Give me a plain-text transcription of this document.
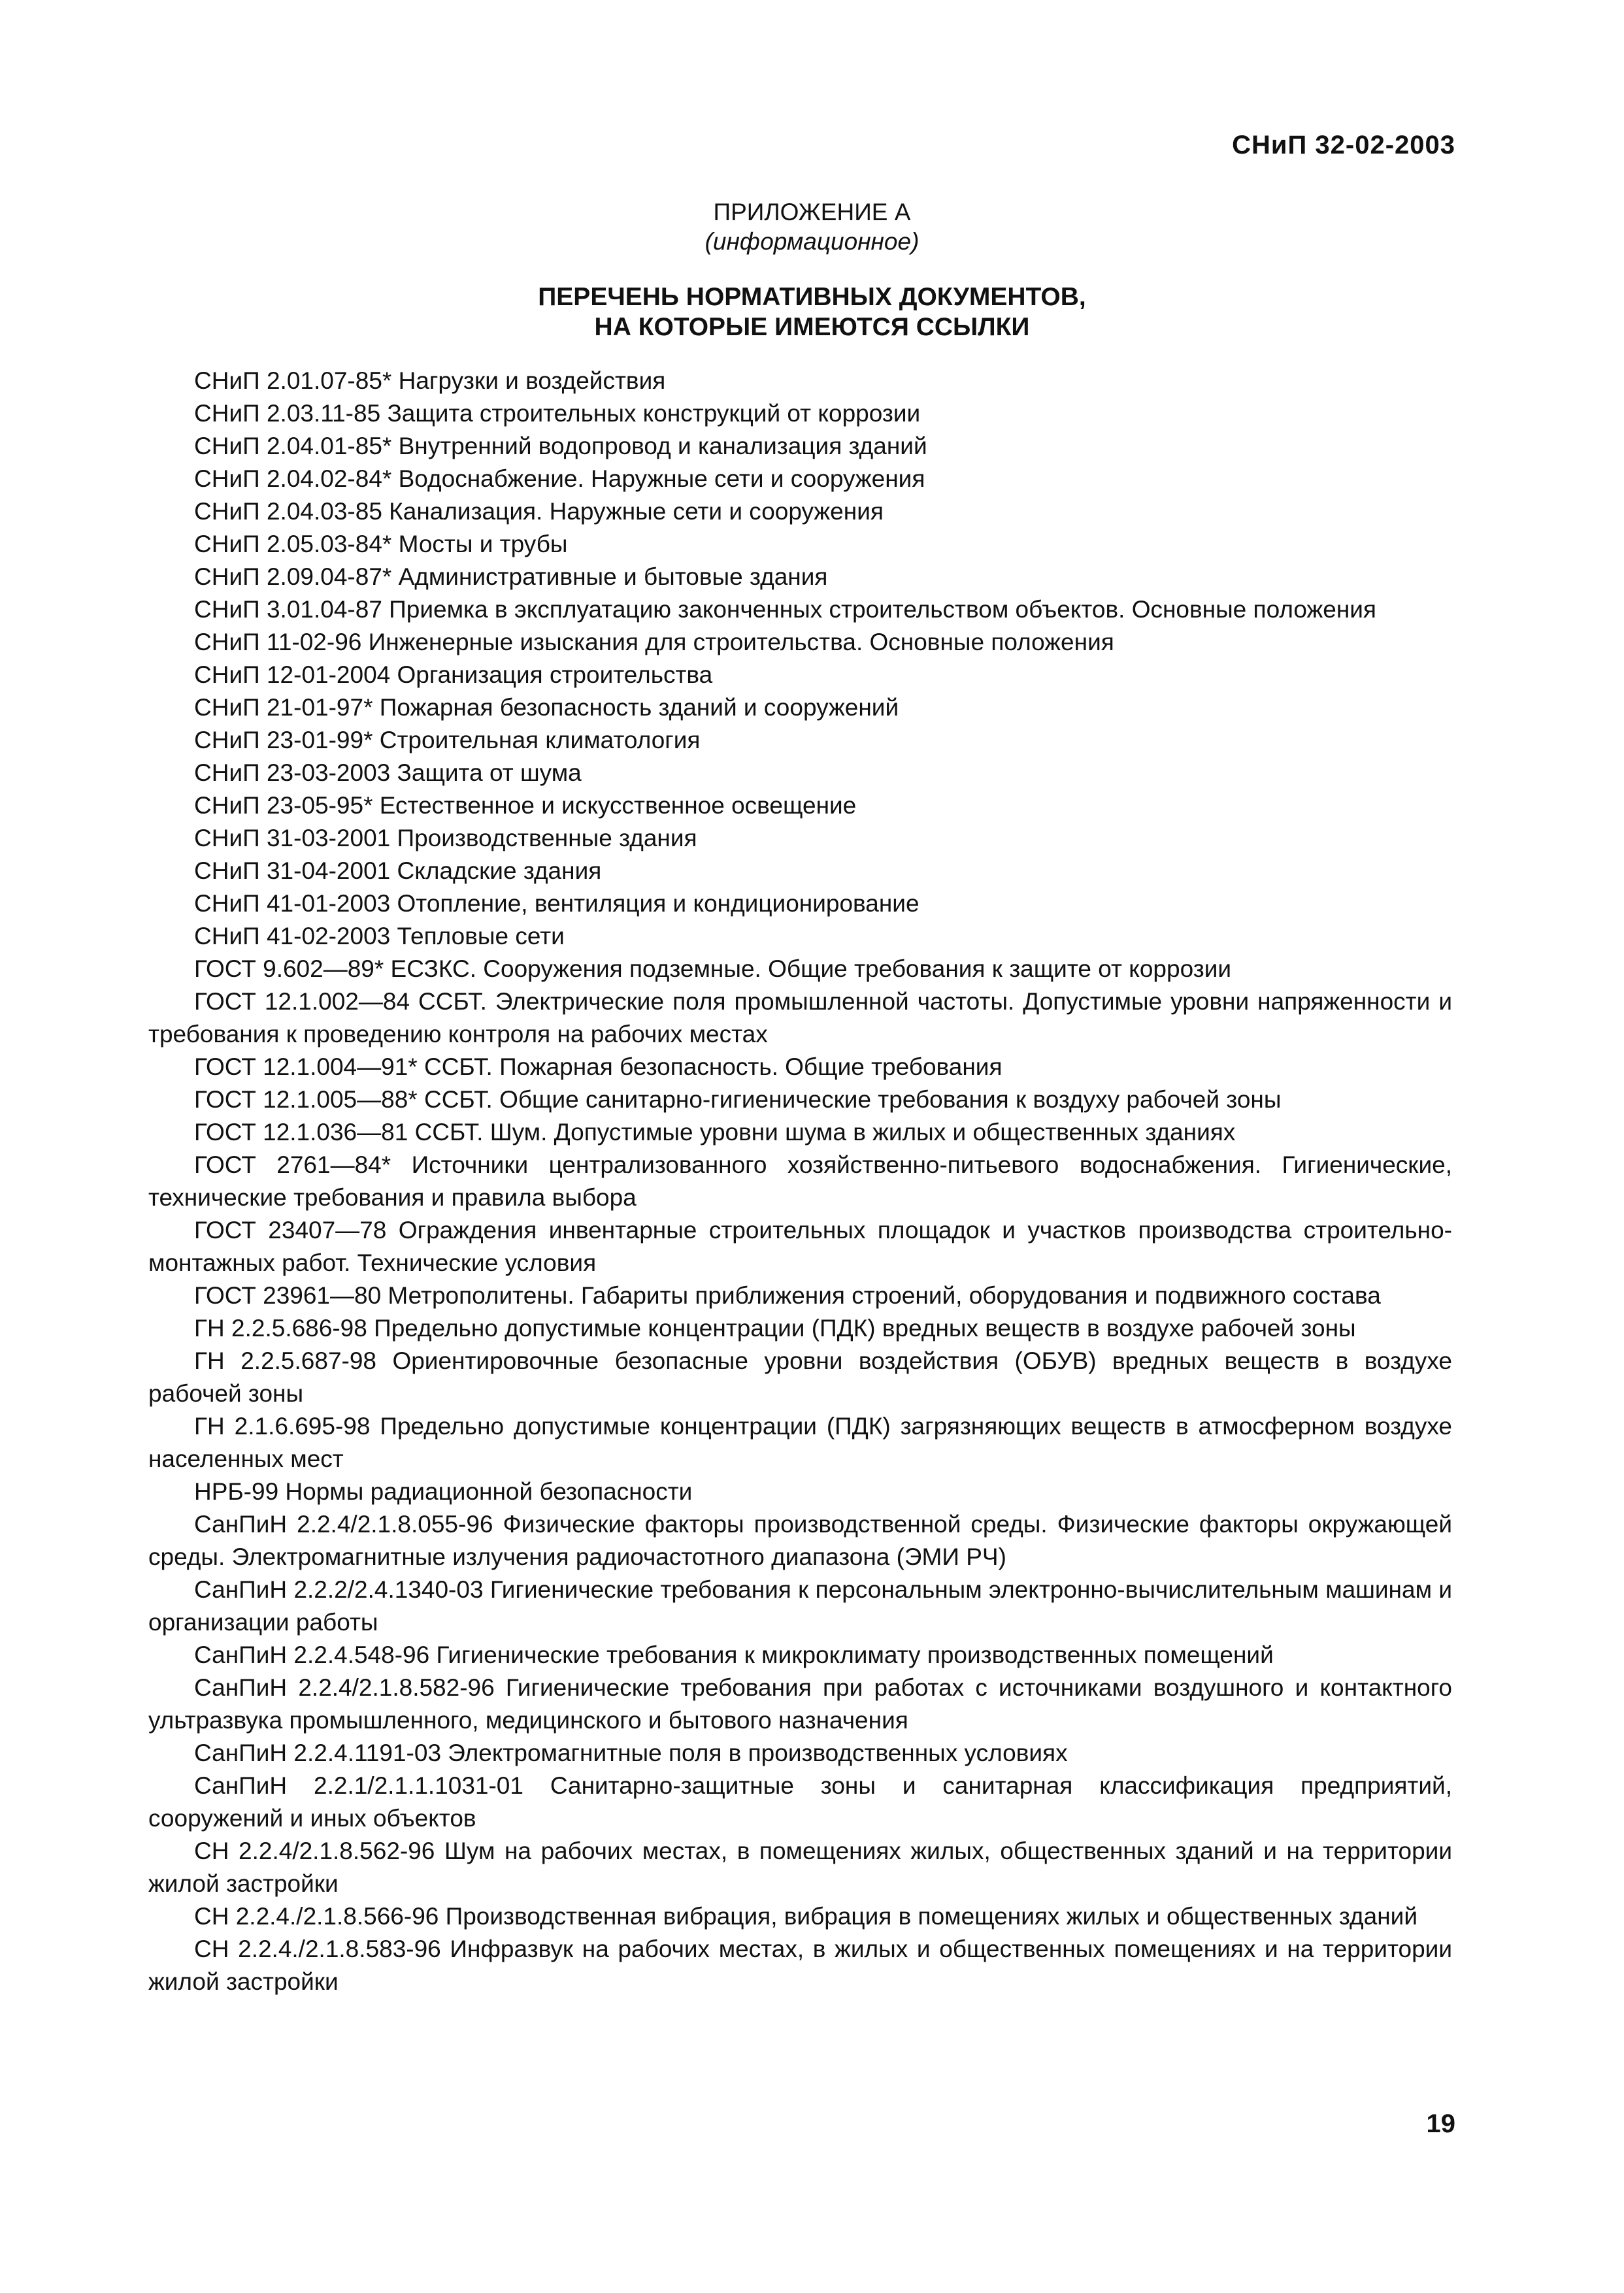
СНиП 32-02-2003
ПРИЛОЖЕНИЕ А
(информационное)
ПЕРЕЧЕНЬ НОРМАТИВНЫХ ДОКУМЕНТОВ,
НА КОТОРЫЕ ИМЕЮТСЯ ССЫЛКИ
СНиП 2.01.07-85* Нагрузки и воздействия
СНиП 2.03.11-85 Защита строительных конструкций от коррозии
СНиП 2.04.01-85* Внутренний водопровод и канализация зданий
СНиП 2.04.02-84* Водоснабжение. Наружные сети и сооружения
СНиП 2.04.03-85 Канализация. Наружные сети и сооружения
СНиП 2.05.03-84* Мосты и трубы
СНиП 2.09.04-87* Административные и бытовые здания
СНиП 3.01.04-87 Приемка в эксплуатацию законченных строительством объектов. Основные положения
СНиП 11-02-96 Инженерные изыскания для строительства. Основные положения
СНиП 12-01-2004 Организация строительства
СНиП 21-01-97* Пожарная безопасность зданий и сооружений
СНиП 23-01-99* Строительная климатология
СНиП 23-03-2003 Защита от шума
СНиП 23-05-95* Естественное и искусственное освещение
СНиП 31-03-2001 Производственные здания
СНиП 31-04-2001 Складские здания
СНиП 41-01-2003 Отопление, вентиляция и кондиционирование
СНиП 41-02-2003 Тепловые сети
ГОСТ 9.602—89* ЕСЗКС. Сооружения подземные. Общие требования к защите от коррозии
ГОСТ 12.1.002—84 ССБТ. Электрические поля промышленной частоты. Допустимые уровни напряженности и требования к проведению контроля на рабочих местах
ГОСТ 12.1.004—91* ССБТ. Пожарная безопасность. Общие требования
ГОСТ 12.1.005—88* ССБТ. Общие санитарно-гигиенические требования к воздуху рабочей зоны
ГОСТ 12.1.036—81 ССБТ. Шум. Допустимые уровни шума в жилых и общественных зданиях
ГОСТ 2761—84* Источники централизованного хозяйственно-питьевого водоснабжения. Гигиенические, технические требования и правила выбора
ГОСТ 23407—78 Ограждения инвентарные строительных площадок и участков производства строительно-монтажных работ. Технические условия
ГОСТ 23961—80 Метрополитены. Габариты приближения строений, оборудования и подвижного состава
ГН 2.2.5.686-98 Предельно допустимые концентрации (ПДК) вредных веществ в воздухе рабочей зоны
ГН 2.2.5.687-98 Ориентировочные безопасные уровни воздействия (ОБУВ) вредных веществ в воздухе рабочей зоны
ГН 2.1.6.695-98 Предельно допустимые концентрации (ПДК) загрязняющих веществ в атмосферном воздухе населенных мест
НРБ-99 Нормы радиационной безопасности
СанПиН 2.2.4/2.1.8.055-96 Физические факторы производственной среды. Физические факторы окружающей среды. Электромагнитные излучения радиочастотного диапазона (ЭМИ РЧ)
СанПиН 2.2.2/2.4.1340-03 Гигиенические требования к персональным электронно-вычислительным машинам и организации работы
СанПиН 2.2.4.548-96 Гигиенические требования к микроклимату производственных помещений
СанПиН 2.2.4/2.1.8.582-96 Гигиенические требования при работах с источниками воздушного и контактного ультразвука промышленного, медицинского и бытового назначения
СанПиН 2.2.4.1191-03 Электромагнитные поля в производственных условиях
СанПиН 2.2.1/2.1.1.1031-01 Санитарно-защитные зоны и санитарная классификация предприятий, сооружений и иных объектов
СН 2.2.4/2.1.8.562-96 Шум на рабочих местах, в помещениях жилых, общественных зданий и на территории жилой застройки
СН 2.2.4./2.1.8.566-96 Производственная вибрация, вибрация в помещениях жилых и общественных зданий
СН 2.2.4./2.1.8.583-96 Инфразвук на рабочих местах, в жилых и общественных помещениях и на территории жилой застройки
19
